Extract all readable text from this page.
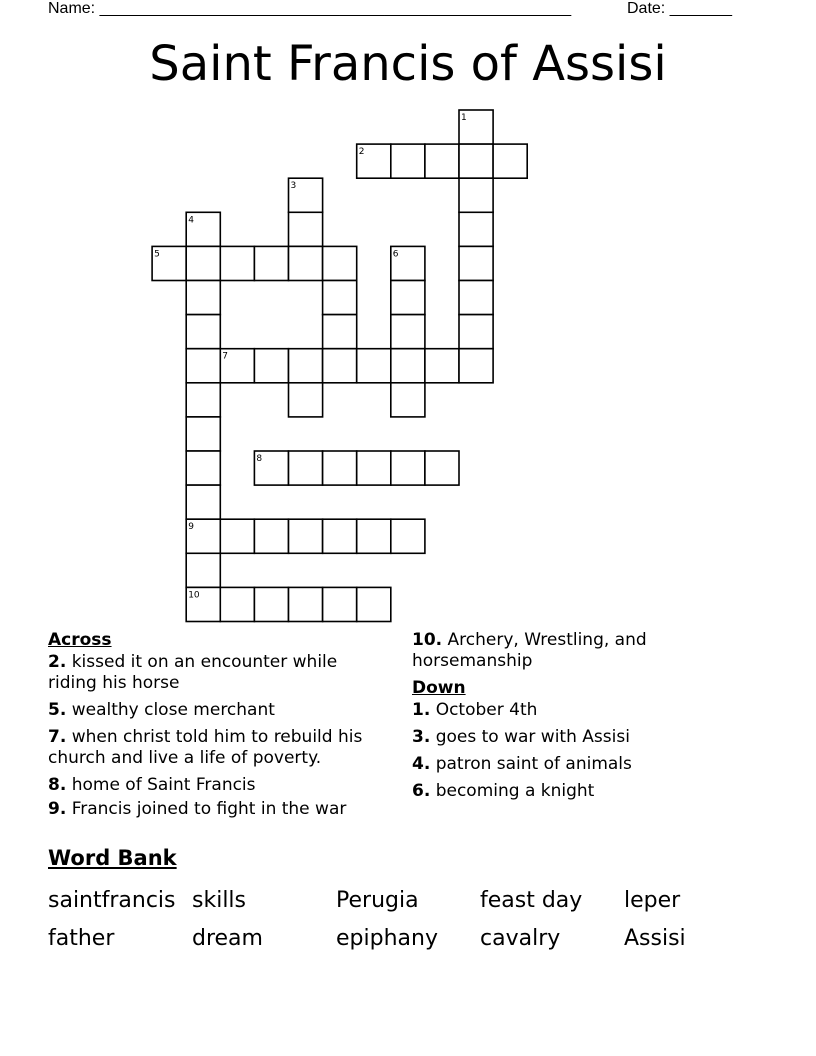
Name: _____________________________________________________	Date: _______
Saint Francis of Assisi
1
2
3
4
5	6
7
8
9
10
Across
2. kissed it on an encounter while riding his horse
5. wealthy close merchant
7. when christ told him to rebuild his church and live a life of poverty.
8. home of Saint Francis
9. Francis joined to fight in the war
10. Archery, Wrestling, and horsemanship
Down
1. October 4th
3. goes to war with Assisi
4. patron saint of animals
6. becoming a knight
Word Bank
saintfrancis skills	Perugia	feast day	leper
father	dream	epiphany	cavalry	Assisi
